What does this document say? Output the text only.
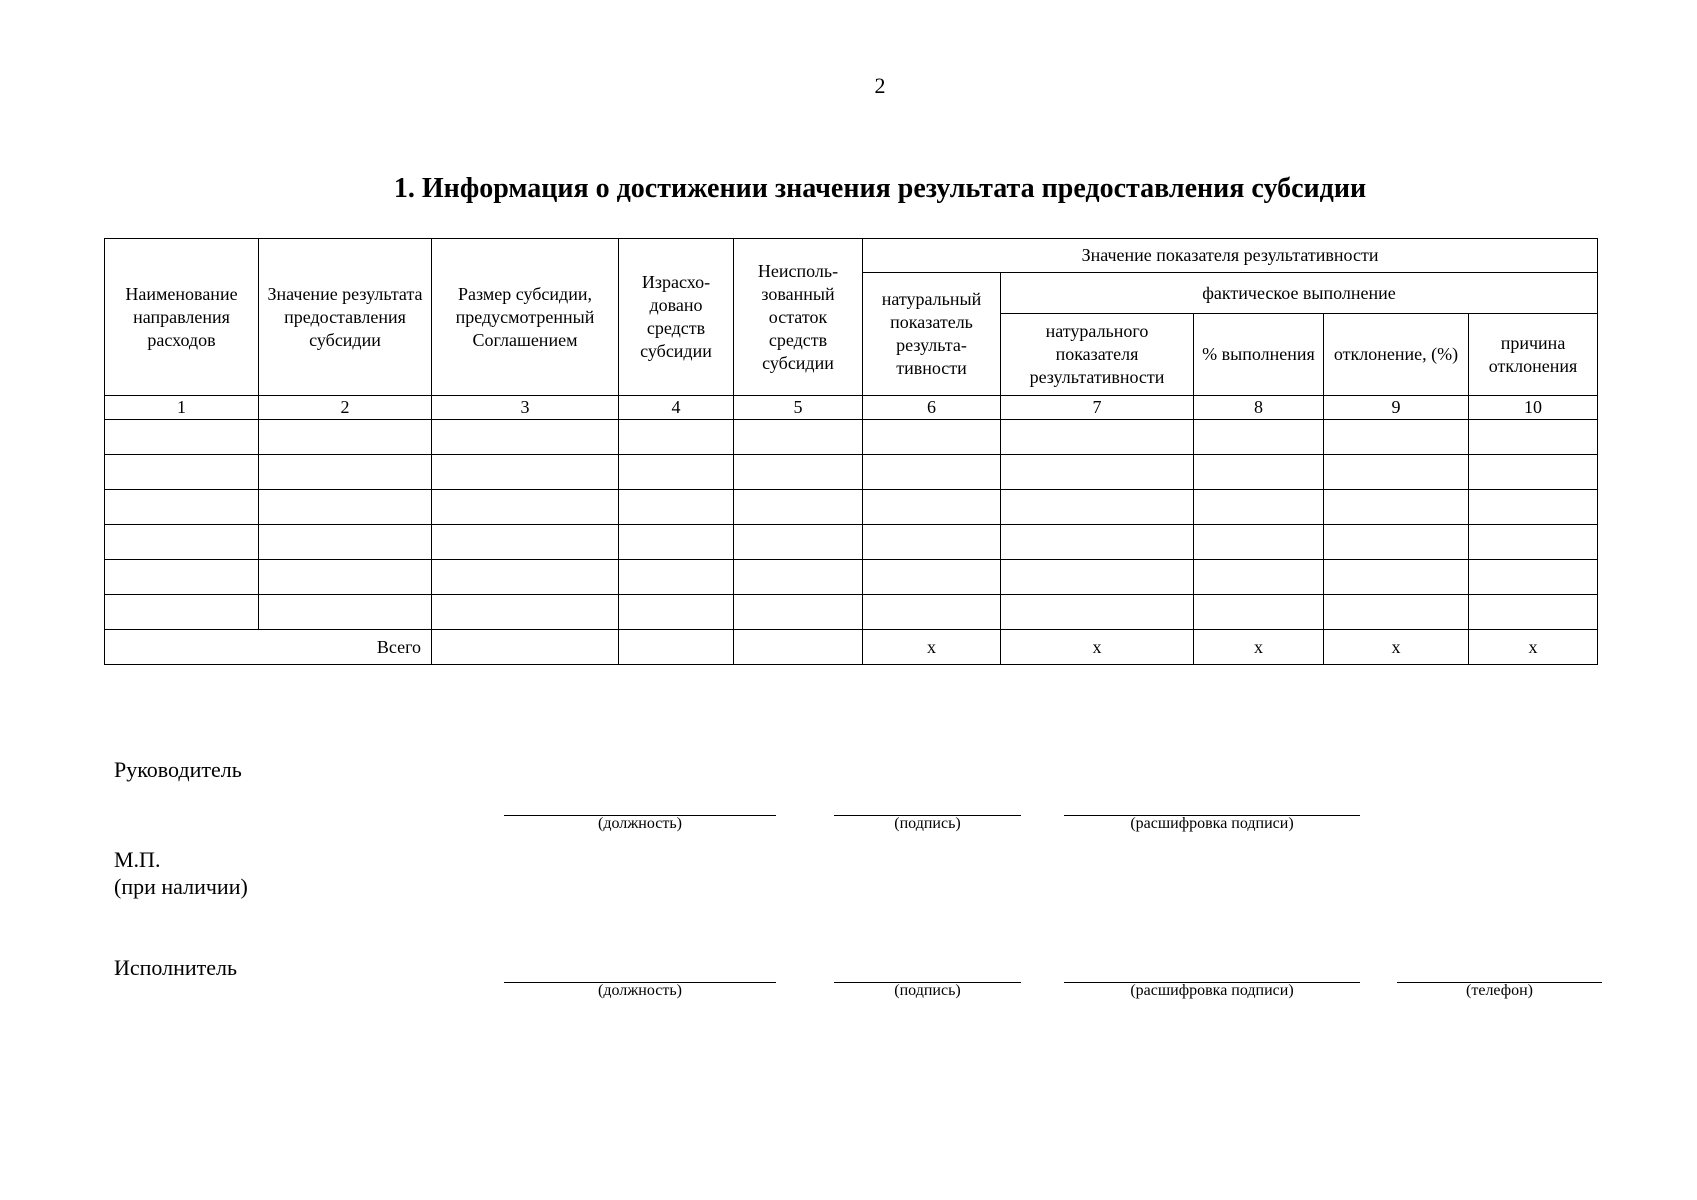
2
1. Информация о достижении значения результата предоставления субсидии
Наименование направления расходов	Значение результата предоставления субсидии	Размер субсидии, предусмотренный Соглашением	Израсхо-довано средств субсидии	Неисполь-зованный остаток средств субсидии	Значение показателя результативности				
					натуральный показатель результа-тивности	фактическое выполнение			
						натурального показателя результативности	% выполнения	отклонение, (%)	причина отклонения
1	2	3	4	5	6	7	8	9	10

Всего					x	x	x	x	x
Руководитель
(должность)	(подпись)	(расшифровка подписи)
М.П.
(при наличии)
Исполнитель
(должность)	(подпись)	(расшифровка подписи)	(телефон)
